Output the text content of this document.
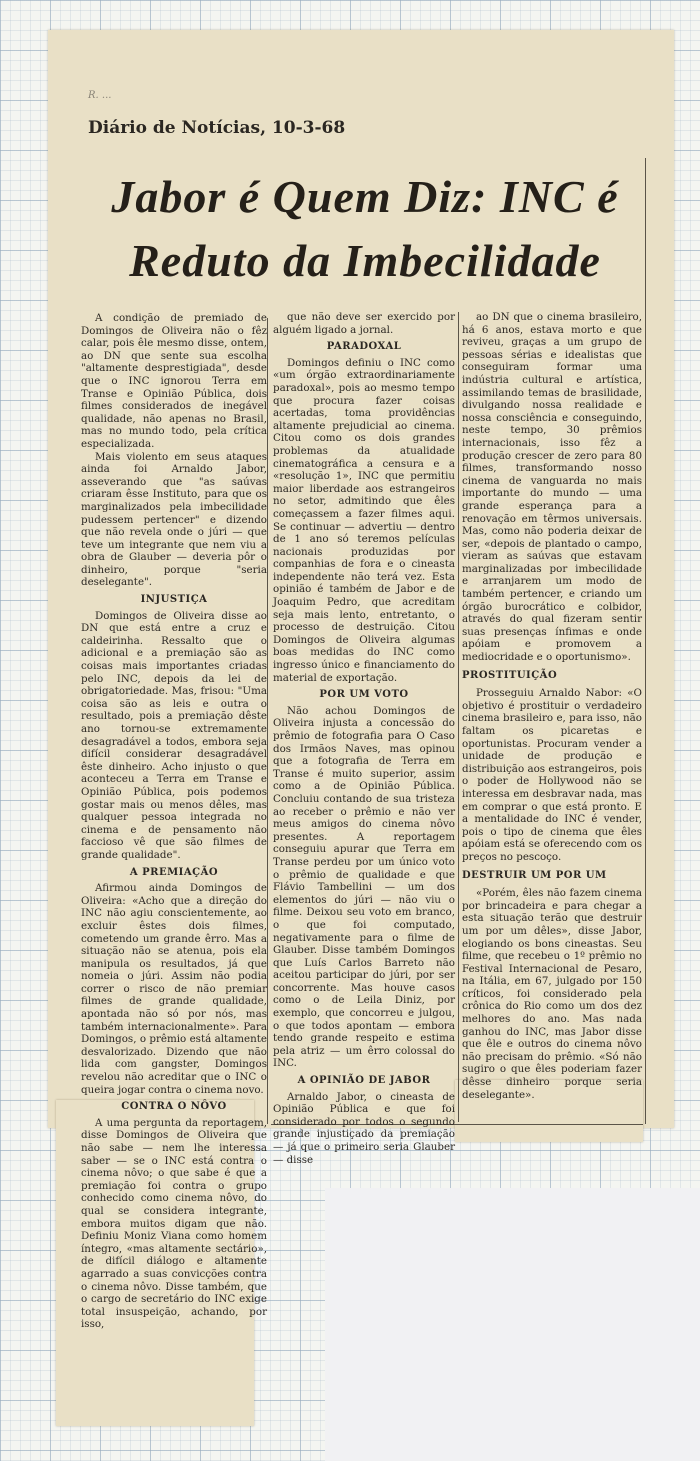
R. ...
Diário de Notícias, 10-3-68
Jabor é Quem Diz: INC é
Reduto da Imbecilidade

A condição de premiado de Domingos de Oliveira não o fêz calar, pois êle mesmo disse, ontem, ao DN que sente sua escolha "altamente desprestigiada", desde que o INC ignorou Terra em Transe e Opinião Pública, dois filmes considerados de inegável qualidade, não apenas no Brasil, mas no mundo todo, pela crítica especializada.

Mais violento em seus ataques ainda foi Arnaldo Jabor, asseverando que "as saúvas criaram êsse Instituto, para que os marginalizados pela imbecilidade pudessem pertencer" e dizendo que não revela onde o júri — que teve um integrante que nem viu a obra de Glauber — deveria pôr o dinheiro, porque "seria deselegante".

INJUSTIÇA

Domingos de Oliveira disse ao DN que está entre a cruz e caldeirinha. Ressalto que o adicional e a premiação são as coisas mais importantes criadas pelo INC, depois da lei de obrigatoriedade. Mas, frisou: "Uma coisa são as leis e outra o resultado, pois a premiação dêste ano tornou-se extremamente desagradável a todos, embora seja difícil considerar desagradável êste dinheiro. Acho injusto o que aconteceu a Terra em Transe e Opinião Pública, pois podemos gostar mais ou menos dêles, mas qualquer pessoa integrada no cinema e de pensamento não faccioso vê que são filmes de grande qualidade".

A PREMIAÇÃO

Afirmou ainda Domingos de Oliveira: «Acho que a direção do INC não agiu conscientemente, ao excluir êstes dois filmes, cometendo um grande êrro. Mas a situação não se atenua, pois ela manipula os resultados, já que nomeia o júri. Assim não podia correr o risco de não premiar filmes de grande qualidade, apontada não só por nós, mas também internacionalmente». Para Domingos, o prêmio está altamente desvalorizado. Dizendo que não lida com gangster, Domingos revelou não acreditar que o INC o queira jogar contra o cinema novo.

CONTRA O NÔVO

A uma pergunta da reportagem, disse Domingos de Oliveira que não sabe — nem lhe interessa saber — se o INC está contra o cinema nôvo; o que sabe é que a premiação foi contra o grupo conhecido como cinema nôvo, do qual se considera integrante, embora muitos digam que não. Definiu Moniz Viana como homem íntegro, «mas altamente sectário», de difícil diálogo e altamente agarrado a suas convicções contra o cinema nôvo. Disse também, que o cargo de secretário do INC exige total insuspeição, achando, por isso,

que não deve ser exercido por alguém ligado a jornal.

PARADOXAL

Domingos definiu o INC como «um órgão extraordinariamente paradoxal», pois ao mesmo tempo que procura fazer coisas acertadas, toma providências altamente prejudicial ao cinema. Citou como os dois grandes problemas da atualidade cinematográfica a censura e a «resolução 1», INC que permitiu maior liberdade aos estrangeiros no setor, admitindo que êles começassem a fazer filmes aqui. Se continuar — advertiu — dentro de 1 ano só teremos películas nacionais produzidas por companhias de fora e o cineasta independente não terá vez. Esta opinião é também de Jabor e de Joaquim Pedro, que acreditam seja mais lento, entretanto, o processo de destruição. Citou Domingos de Oliveira algumas boas medidas do INC como ingresso único e financiamento do material de exportação.

POR UM VOTO

Não achou Domingos de Oliveira injusta a concessão do prêmio de fotografia para O Caso dos Irmãos Naves, mas opinou que a fotografia de Terra em Transe é muito superior, assim como a de Opinião Pública. Concluiu contando de sua tristeza ao receber o prêmio e não ver meus amigos do cinema nôvo presentes. A reportagem conseguiu apurar que Terra em Transe perdeu por um único voto o prêmio de qualidade e que Flávio Tambellini — um dos elementos do júri — não viu o filme. Deixou seu voto em branco, o que foi computado, negativamente para o filme de Glauber. Disse também Domingos que Luís Carlos Barreto não aceitou participar do júri, por ser concorrente. Mas houve casos como o de Leila Diniz, por exemplo, que concorreu e julgou, o que todos apontam — embora tendo grande respeito e estima pela atriz — um êrro colossal do INC.

A OPINIÃO DE JABOR

Arnaldo Jabor, o cineasta de Opinião Pública e que foi considerado por todos o segundo grande injustiçado da premiação — já que o primeiro seria Glauber — disse

ao DN que o cinema brasileiro, há 6 anos, estava morto e que reviveu, graças a um grupo de pessoas sérias e idealistas que conseguiram formar uma indústria cultural e artística, assimilando temas de brasilidade, divulgando nossa realidade e nossa consciência e conseguindo, neste tempo, 30 prêmios internacionais, isso fêz a produção crescer de zero para 80 filmes, transformando nosso cinema de vanguarda no mais importante do mundo — uma grande esperança para a renovação em têrmos universais. Mas, como não poderia deixar de ser, «depois de plantado o campo, vieram as saúvas que estavam marginalizadas por imbecilidade e arranjarem um modo de também pertencer, e criando um órgão burocrático e colbidor, através do qual fizeram sentir suas presenças ínfimas e onde apóiam e promovem a mediocridade e o oportunismo».

PROSTITUIÇÃO

Prosseguiu Arnaldo Nabor: «O objetivo é prostituir o verdadeiro cinema brasileiro e, para isso, não faltam os picaretas e oportunistas. Procuram vender a unidade de produção e distribuição aos estrangeiros, pois o poder de Hollywood não se interessa em desbravar nada, mas em comprar o que está pronto. E a mentalidade do INC é vender, pois o tipo de cinema que êles apóiam está se oferecendo com os preços no pescoço.

DESTRUIR UM POR UM

«Porém, êles não fazem cinema por brincadeira e para chegar a esta situação terão que destruir um por um dêles», disse Jabor, elogiando os bons cineastas. Seu filme, que recebeu o 1º prêmio no Festival Internacional de Pesaro, na Itália, em 67, julgado por 150 críticos, foi considerado pela crônica do Rio como um dos dez melhores do ano. Mas nada ganhou do INC, mas Jabor disse que êle e outros do cinema nôvo não precisam do prêmio. «Só não sugiro o que êles poderiam fazer dêsse dinheiro porque seria deselegante».
